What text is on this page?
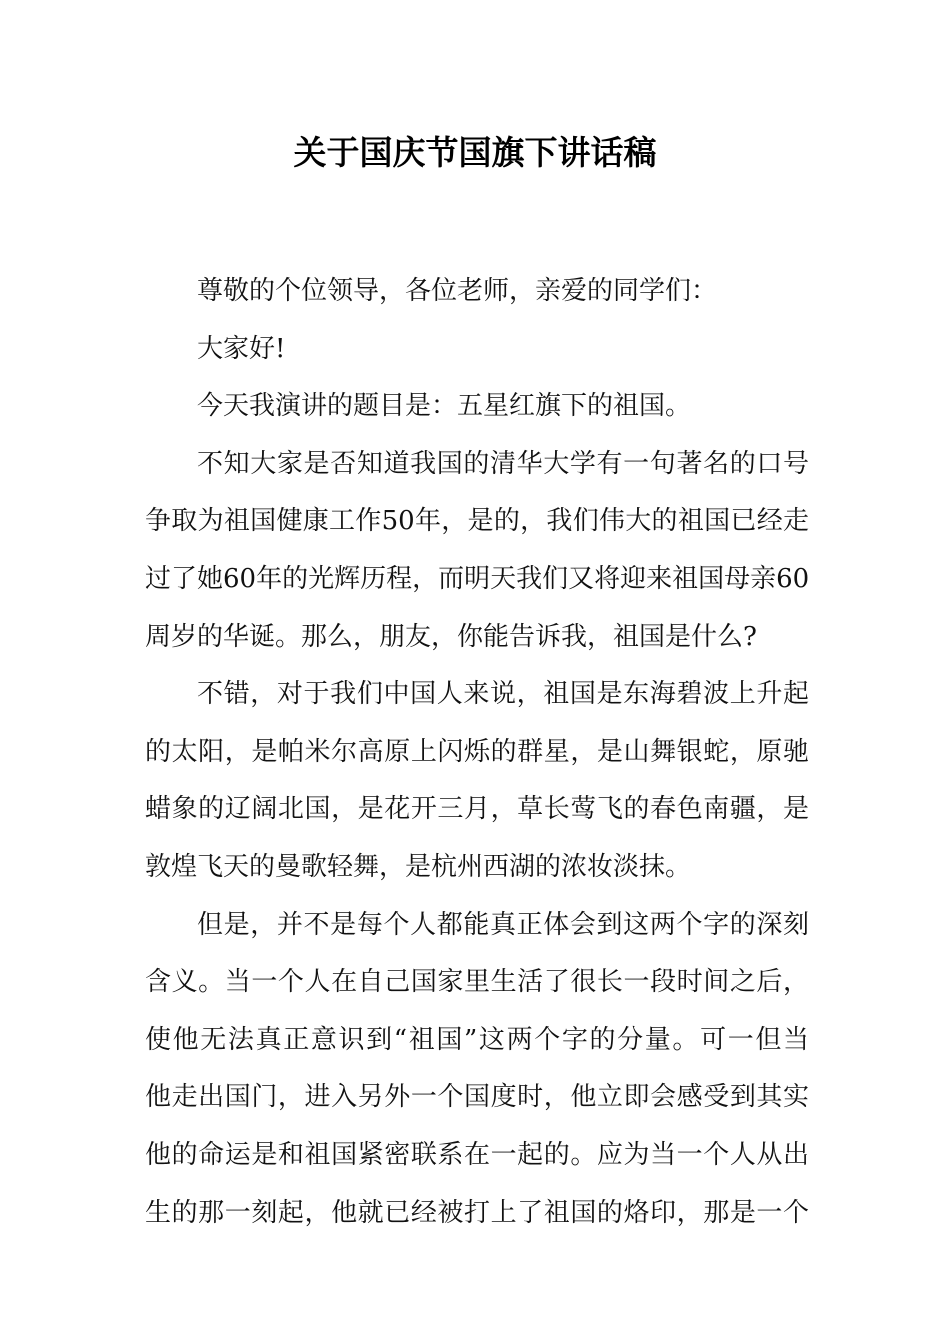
关于国庆节国旗下讲话稿

尊敬的个位领导，各位老师，亲爱的同学们：

大家好!

今天我演讲的题目是：五星红旗下的祖国。

不知大家是否知道我国的清华大学有一句著名的口号
争取为祖国健康工作50年，是的，我们伟大的祖国已经走
过了她60年的光辉历程，而明天我们又将迎来祖国母亲60
周岁的华诞。那么，朋友，你能告诉我，祖国是什么?

不错，对于我们中国人来说，祖国是东海碧波上升起
的太阳，是帕米尔高原上闪烁的群星，是山舞银蛇，原驰
蜡象的辽阔北国，是花开三月，草长莺飞的春色南疆，是
敦煌飞天的曼歌轻舞，是杭州西湖的浓妆淡抹。

但是，并不是每个人都能真正体会到这两个字的深刻
含义。当一个人在自己国家里生活了很长一段时间之后，
使他无法真正意识到“祖国”这两个字的分量。可一但当
他走出国门，进入另外一个国度时，他立即会感受到其实
他的命运是和祖国紧密联系在一起的。应为当一个人从出
生的那一刻起，他就已经被打上了祖国的烙印，那是一个
